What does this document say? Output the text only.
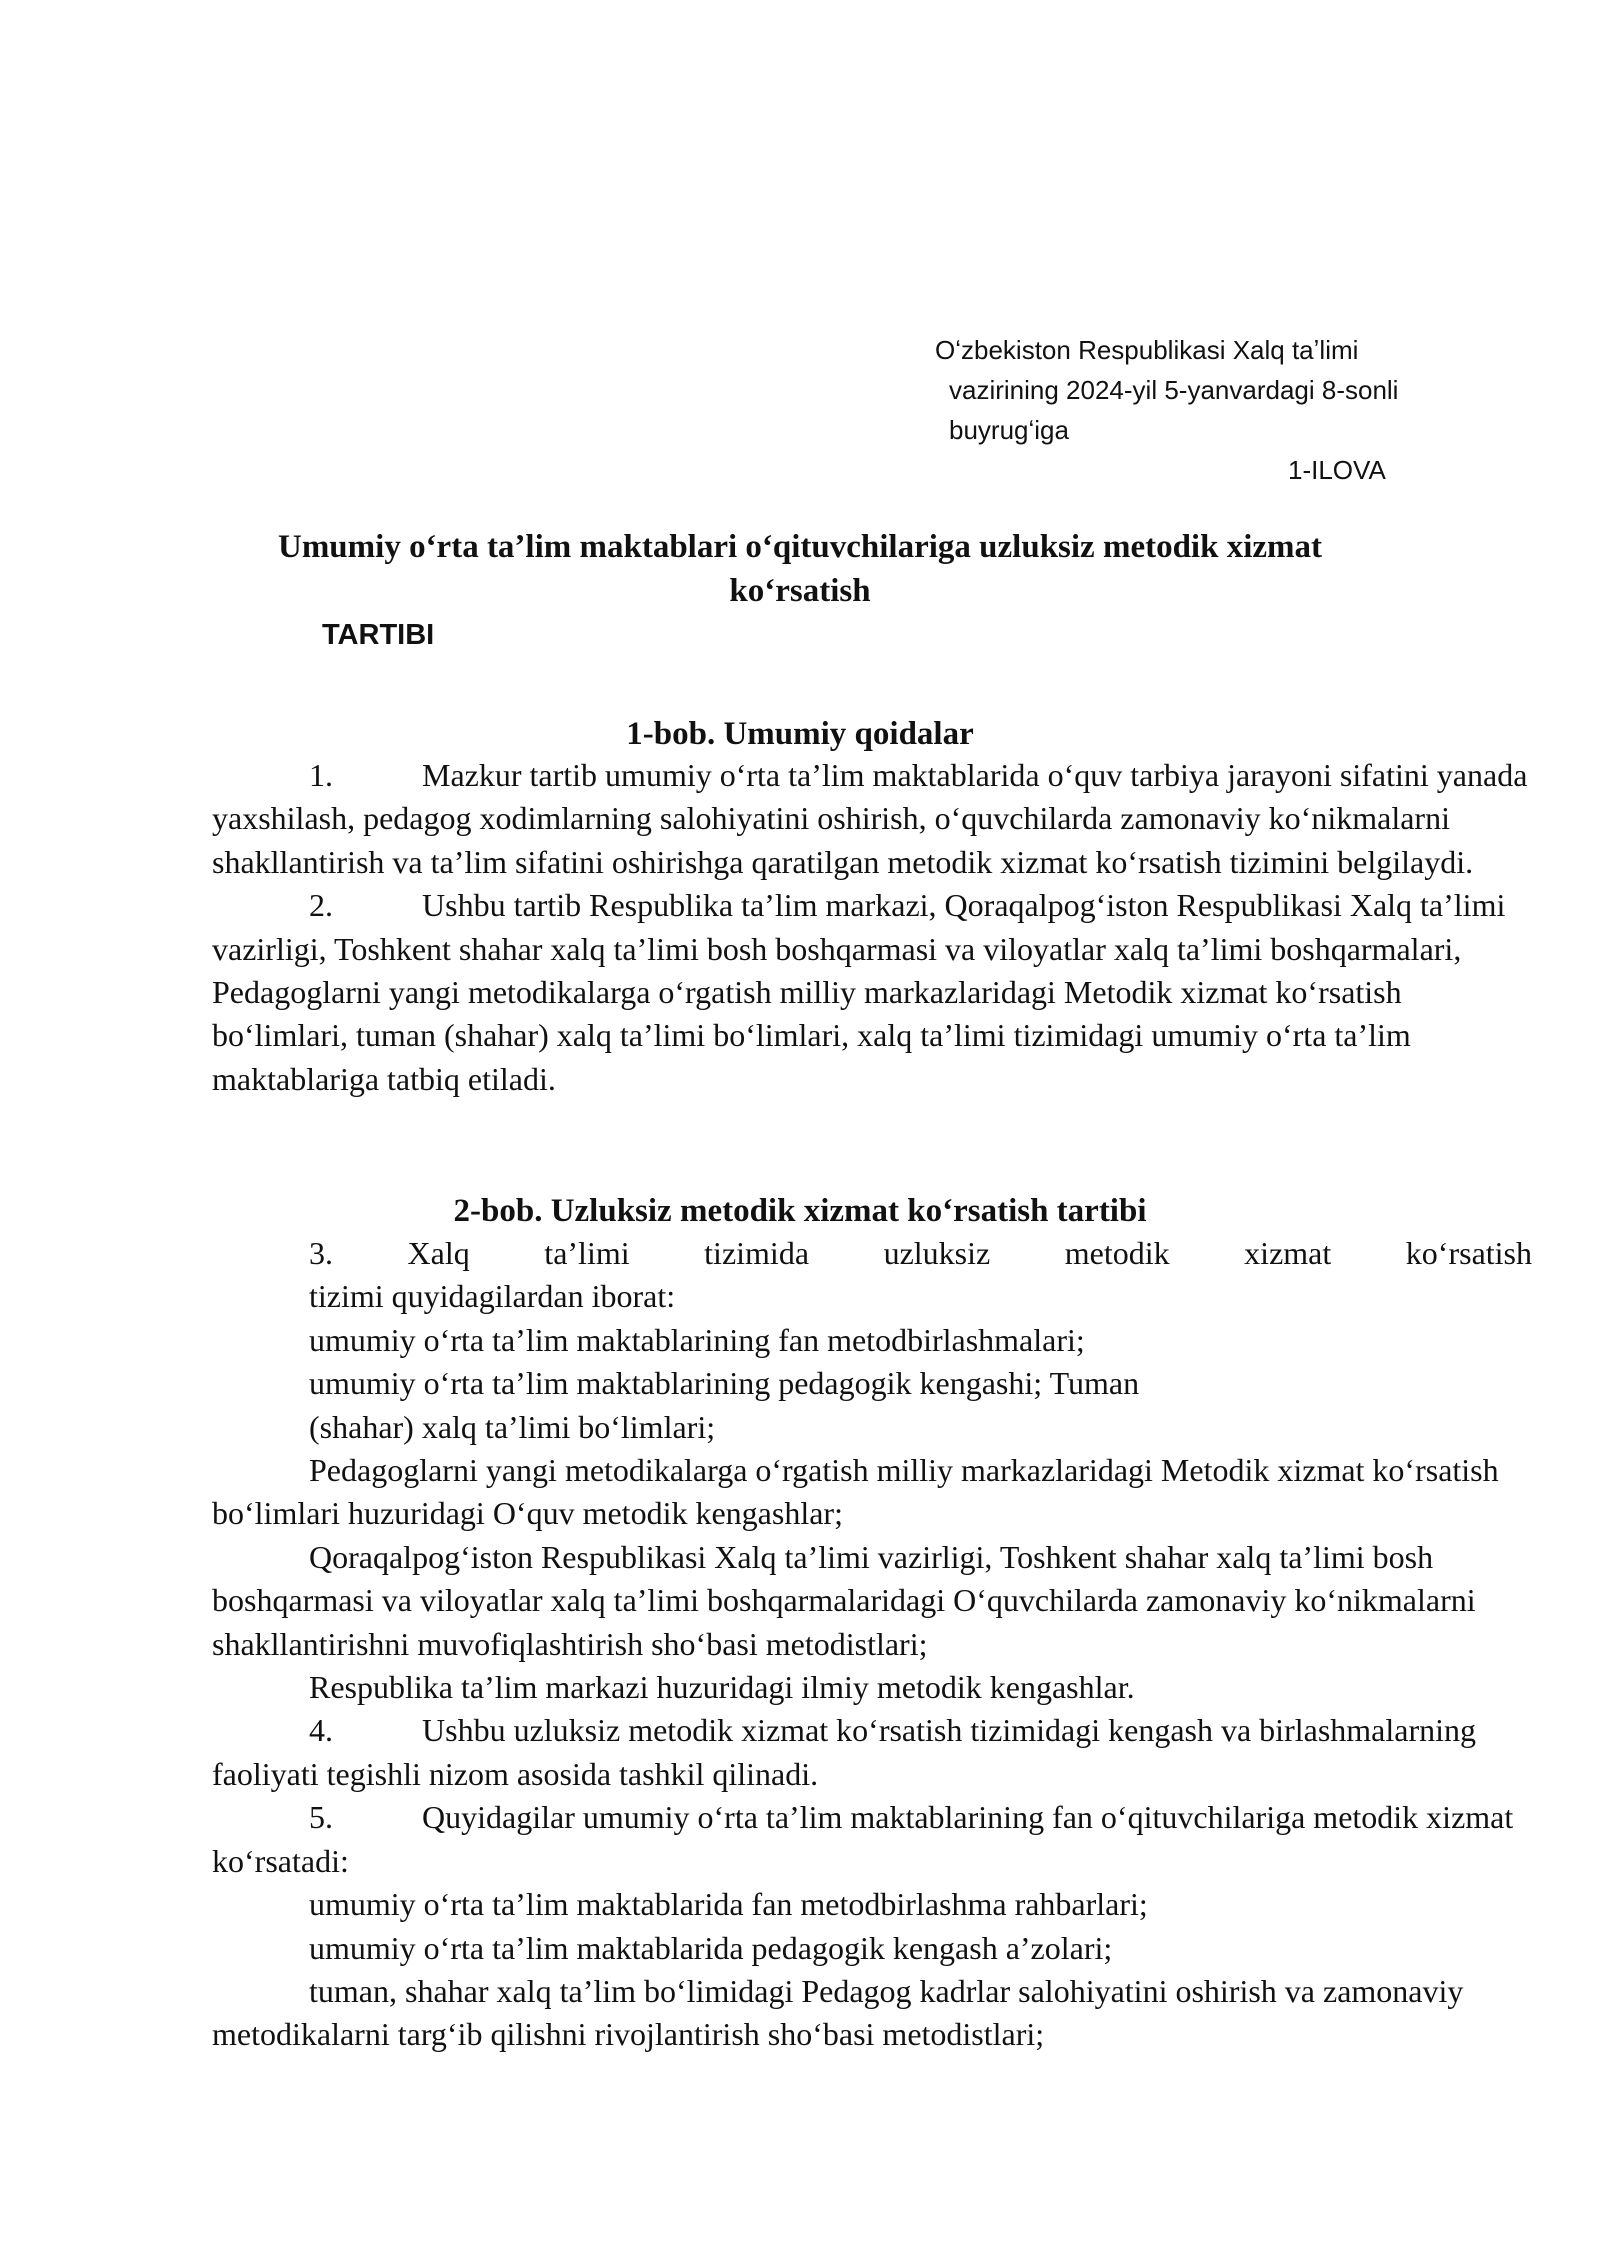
Oʻzbekiston Respublikasi Xalq taʼlimi
vazirining 2024-yil 5-yanvardagi 8-sonli
buyrugʻiga
1-ILOVA
Umumiy oʻrta taʼlim maktablari oʻqituvchilariga uzluksiz metodik xizmat
koʻrsatish
TARTIBI
1-bob. Umumiy qoidalar

1.	Mazkur tartib umumiy oʻrta taʼlim maktablarida oʻquv tarbiya jarayoni sifatini yanada yaxshilash, pedagog xodimlarning salohiyatini oshirish, oʻquvchilarda zamonaviy koʻnikmalarni shakllantirish va taʼlim sifatini oshirishga qaratilgan metodik xizmat koʻrsatish tizimini belgilaydi.

2.	Ushbu tartib Respublika taʼlim markazi, Qoraqalpogʻiston Respublikasi Xalq taʼlimi vazirligi, Toshkent shahar xalq taʼlimi bosh boshqarmasi va viloyatlar xalq taʼlimi boshqarmalari, Pedagoglarni yangi metodikalarga oʻrgatish milliy markazlaridagi Metodik xizmat koʻrsatish boʻlimlari, tuman (shahar) xalq taʼlimi boʻlimlari, xalq taʼlimi tizimidagi umumiy oʻrta taʼlim maktablariga tatbiq etiladi.

2-bob. Uzluksiz metodik xizmat koʻrsatish tartibi
3. Xalq taʼlimi tizimida uzluksiz metodik xizmat koʻrsatish

tizimi quyidagilardan iborat:

umumiy oʻrta taʼlim maktablarining fan metodbirlashmalari;

umumiy oʻrta taʼlim maktablarining pedagogik kengashi; Tuman

(shahar) xalq taʼlimi boʻlimlari;

Pedagoglarni yangi metodikalarga oʻrgatish milliy markazlaridagi Metodik xizmat koʻrsatish boʻlimlari huzuridagi Oʻquv metodik kengashlar;

Qoraqalpogʻiston Respublikasi Xalq taʼlimi vazirligi, Toshkent shahar xalq taʼlimi bosh boshqarmasi va viloyatlar xalq taʼlimi boshqarmalaridagi Oʻquvchilarda zamonaviy koʻnikmalarni shakllantirishni muvofiqlashtirish shoʻbasi metodistlari;

Respublika taʼlim markazi huzuridagi ilmiy metodik kengashlar.

4.	Ushbu uzluksiz metodik xizmat koʻrsatish tizimidagi kengash va birlashmalarning faoliyati tegishli nizom asosida tashkil qilinadi.

5.	Quyidagilar umumiy oʻrta taʼlim maktablarining fan oʻqituvchilariga metodik xizmat koʻrsatadi:

umumiy oʻrta taʼlim maktablarida fan metodbirlashma rahbarlari;

umumiy oʻrta taʼlim maktablarida pedagogik kengash aʼzolari;

tuman, shahar xalq taʼlim boʻlimidagi Pedagog kadrlar salohiyatini oshirish va zamonaviy metodikalarni targʻib qilishni rivojlantirish shoʻbasi metodistlari;
